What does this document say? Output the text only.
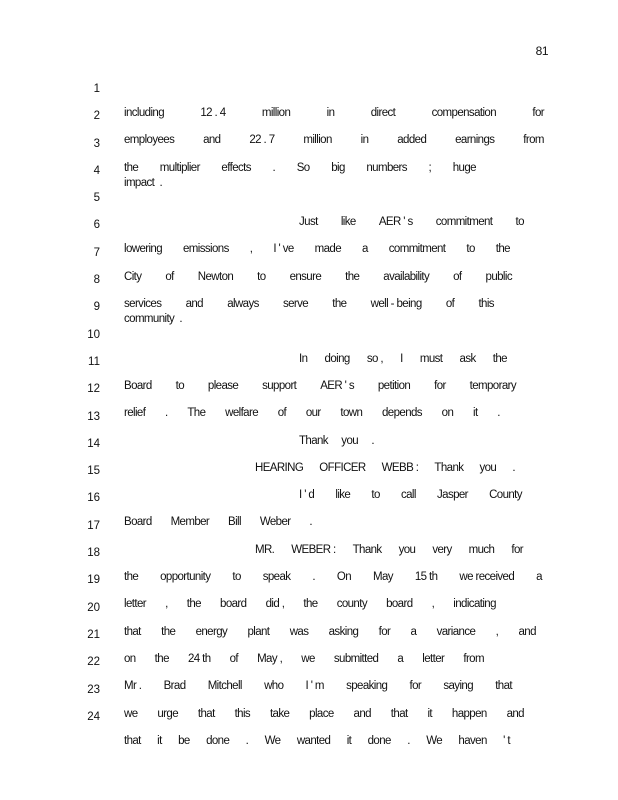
81

1

including	12 . 4	million	in	direct	compensation	for

2

employees	and	22 . 7	million	in	added	earnings	from

3

the multiplier effects . So big numbers ; huge

4

impact  .

5

Just like AER ' s commitment to

6

lowering emissions , I ' ve made a commitment to the

7

City of Newton to ensure the availability of public

8

services and always serve the well - being of this

9

community  .

10

In doing so , I must ask the

11

Board to please support AER ' s petition for temporary

12

relief . The welfare of our town depends on it .

13

Thank you .

14

HEARING OFFICER WEBB : Thank you .

15

I ' d like to call Jasper County

16

Board Member Bill Weber .

17

MR. WEBER : Thank you very much for

18

the opportunity to speak . On May 15 th we received a

19

letter , the board did , the county board , indicating

20

that the energy plant was asking for a variance , and

21

on the 24 th of May , we submitted a letter from

22

Mr . Brad Mitchell who I ' m speaking for saying that

23

we urge that this take place and that it happen and

24

that it be done . We wanted it done . We haven ' t
